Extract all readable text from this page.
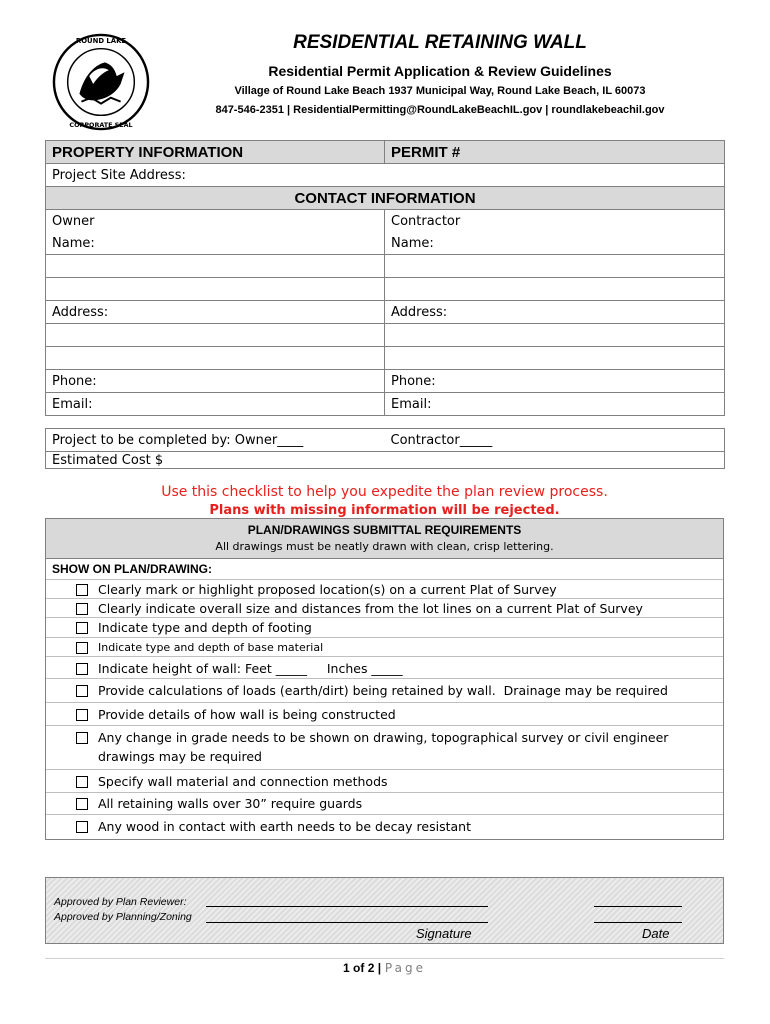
ROUND LAKE
CORPORATE SEAL
RESIDENTIAL RETAINING WALL
Residential Permit Application & Review Guidelines
Village of Round Lake Beach 1937 Municipal Way, Round Lake Beach, IL 60073
847-546-2351 | ResidentialPermitting@RoundLakeBeachIL.gov | roundlakebeachil.gov
PROPERTY INFORMATION	PERMIT #
Project Site Address:	
CONTACT INFORMATION	
Owner	Contractor
Name:	Name:

Address:	Address:

Phone:	Phone:
Email:	Email:
Project to be completed by: Owner____	Contractor_____
Estimated Cost $
Use this checklist to help you expedite the plan review process.
Plans with missing information will be rejected.
PLAN/DRAWINGS SUBMITTAL REQUIREMENTS
All drawings must be neatly drawn with clean, crisp lettering.
SHOW ON PLAN/DRAWING:
Clearly mark or highlight proposed location(s) on a current Plat of Survey
Clearly indicate overall size and distances from the lot lines on a current Plat of Survey
Indicate type and depth of footing
Indicate type and depth of base material
Indicate height of wall: Feet _____     Inches _____
Provide calculations of loads (earth/dirt) being retained by wall.  Drainage may be required
Provide details of how wall is being constructed
Any change in grade needs to be shown on drawing, topographical survey or civil engineer drawings may be required
Specify wall material and connection methods
All retaining walls over 30” require guards
Any wood in contact with earth needs to be decay resistant
Approved by Plan Reviewer:
Approved by Planning/Zoning
Signature	Date
1 of 2 | Page
